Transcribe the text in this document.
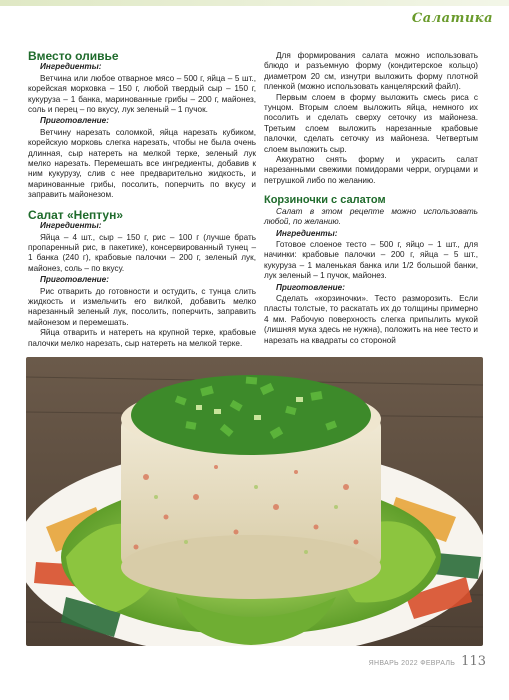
Салатика
Вместо оливье
Ингредиенты:

Ветчина или любое отварное мясо – 500 г, яйца – 5 шт., корейская морковка – 150 г, любой твердый сыр – 150 г, кукуруза – 1 банка, маринованные грибы – 200 г, майонез, соль и перец – по вкусу, лук зеленый – 1 пучок.

Приготовление:

Ветчину нарезать соломкой, яйца нарезать кубиком, корейскую морковь слегка нарезать, чтобы не была очень длинная, сыр натереть на мелкой терке, зеленый лук мелко нарезать. Перемешать все ингредиенты, добавив к ним кукурузу, слив с нее предварительно жидкость, и маринованные грибы, посолить, поперчить по вкусу и заправить майонезом.

Салат «Нептун»
Ингредиенты:

Яйца – 4 шт., сыр – 150 г, рис – 100 г (лучше брать пропаренный рис, в пакетике), консервированный тунец – 1 банка (240 г), крабовые палочки – 200 г, зеленый лук, майонез, соль – по вкусу.

Приготовление:

Рис отварить до готовности и остудить, с тунца слить жидкость и измельчить его вилкой, добавить мелко нарезанный зеленый лук, посолить, поперчить, заправить майонезом и перемешать.

Яйца отварить и натереть на крупной терке, крабовые палочки мелко нарезать, сыр натереть на мелкой терке.

Для формирования салата можно использовать блюдо и разъемную форму (кондитерское кольцо) диаметром 20 см, изнутри выложить форму плотной пленкой (можно использовать канцелярский файл).

Первым слоем в форму выложить смесь риса с тунцом. Вторым слоем выложить яйца, немного их посолить и сделать сверху сеточку из майонеза. Третьим слоем выложить нарезанные крабовые палочки, сделать сеточку из майонеза. Четвертым слоем выложить сыр.

Аккуратно снять форму и украсить салат нарезанными свежими помидорами черри, огурцами и петрушкой либо по желанию.

Корзиночки с салатом

Салат в этом рецепте можно использовать любой, по желанию.

Ингредиенты:

Готовое слоеное тесто – 500 г, яйцо – 1 шт., для начинки: крабовые палочки – 200 г, яйца – 5 шт., кукуруза – 1 маленькая банка или 1/2 большой банки, лук зеленый – 1 пучок, майонез.

Приготовление:

Сделать «корзиночки». Тесто разморозить. Если пласты толстые, то раскатать их до толщины примерно 4 мм. Рабочую поверхность слегка припылить мукой (лишняя мука здесь не нужна), положить на нее тесто и нарезать на квадраты со стороной

ЯНВАРЬ 2022 ФЕВРАЛЬ 113
